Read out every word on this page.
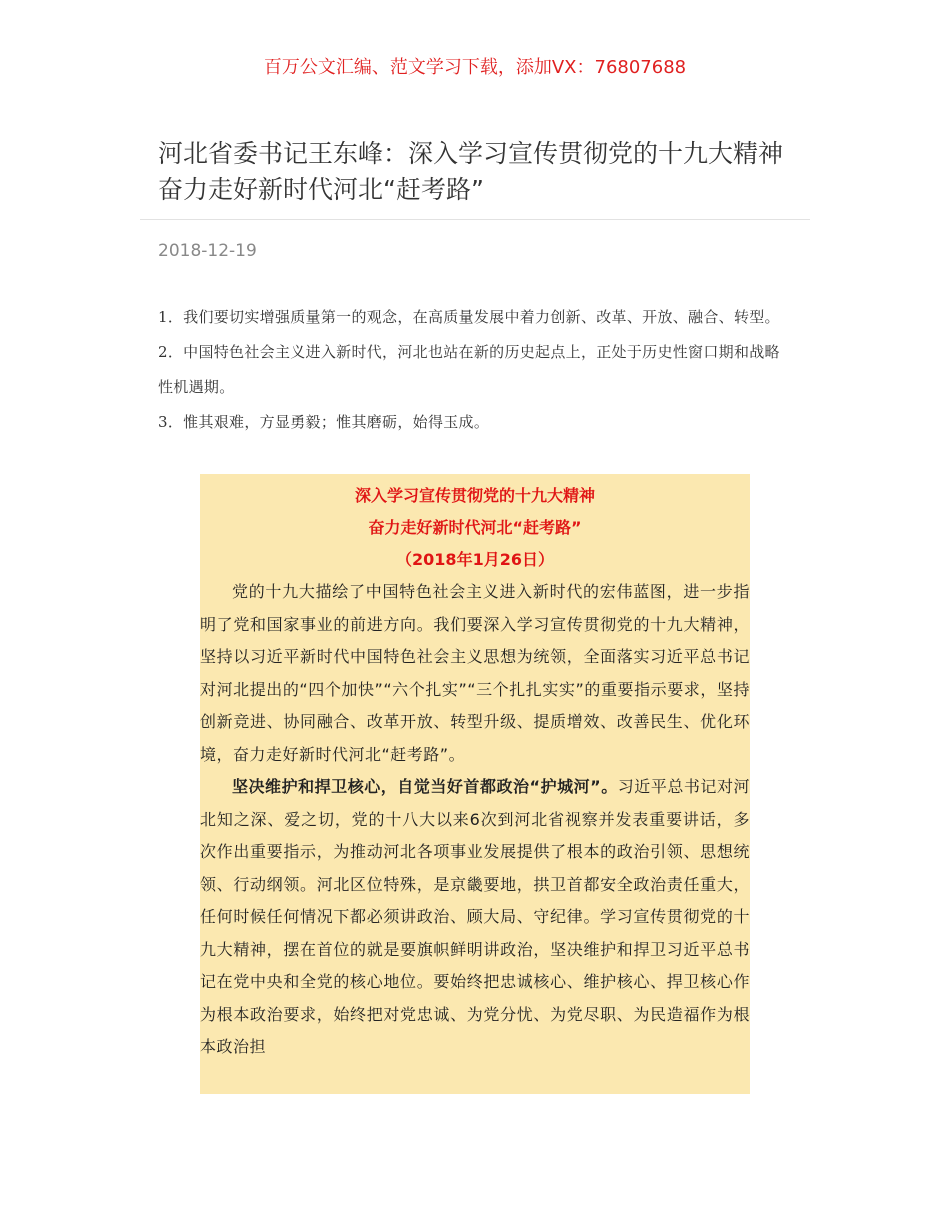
百万公文汇编、范文学习下载，添加VX：76807688
河北省委书记王东峰：深入学习宣传贯彻党的十九大精神 奋力走好新时代河北“赶考路”
2018-12-19
1．我们要切实增强质量第一的观念，在高质量发展中着力创新、改革、开放、融合、转型。
2．中国特色社会主义进入新时代，河北也站在新的历史起点上，正处于历史性窗口期和战略性机遇期。
3．惟其艰难，方显勇毅；惟其磨砺，始得玉成。
深入学习宣传贯彻党的十九大精神
奋力走好新时代河北“赶考路”
（2018年1月26日）
党的十九大描绘了中国特色社会主义进入新时代的宏伟蓝图，进一步指明了党和国家事业的前进方向。我们要深入学习宣传贯彻党的十九大精神，坚持以习近平新时代中国特色社会主义思想为统领，全面落实习近平总书记对河北提出的“四个加快”“六个扎实”“三个扎扎实实”的重要指示要求，坚持创新竞进、协同融合、改革开放、转型升级、提质增效、改善民生、优化环境，奋力走好新时代河北“赶考路”。
坚决维护和捍卫核心，自觉当好首都政治“护城河”。习近平总书记对河北知之深、爱之切，党的十八大以来6次到河北省视察并发表重要讲话，多次作出重要指示，为推动河北各项事业发展提供了根本的政治引领、思想统领、行动纲领。河北区位特殊，是京畿要地，拱卫首都安全政治责任重大，任何时候任何情况下都必须讲政治、顾大局、守纪律。学习宣传贯彻党的十九大精神，摆在首位的就是要旗帜鲜明讲政治，坚决维护和捍卫习近平总书记在党中央和全党的核心地位。要始终把忠诚核心、维护核心、捍卫核心作为根本政治要求，始终把对党忠诚、为党分忧、为党尽职、为民造福作为根本政治担
